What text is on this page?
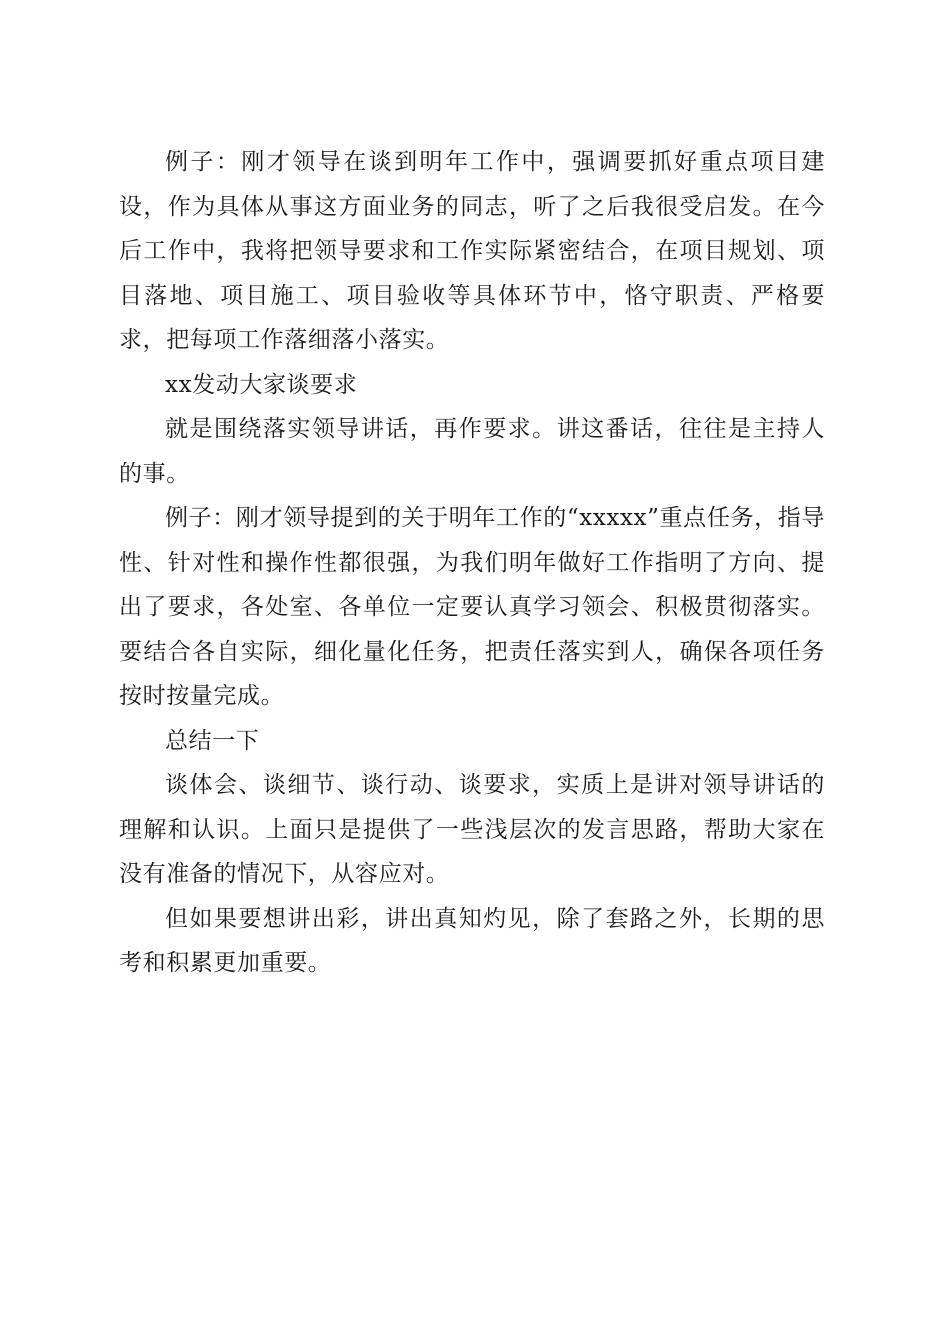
例子：刚才领导在谈到明年工作中，强调要抓好重点项目建设，作为具体从事这方面业务的同志，听了之后我很受启发。在今后工作中，我将把领导要求和工作实际紧密结合，在项目规划、项目落地、项目施工、项目验收等具体环节中，恪守职责、严格要求，把每项工作落细落小落实。

xx发动大家谈要求

就是围绕落实领导讲话，再作要求。讲这番话，往往是主持人的事。

例子：刚才领导提到的关于明年工作的“xxxxx”重点任务，指导性、针对性和操作性都很强，为我们明年做好工作指明了方向、提出了要求，各处室、各单位一定要认真学习领会、积极贯彻落实。要结合各自实际，细化量化任务，把责任落实到人，确保各项任务按时按量完成。

总结一下

谈体会、谈细节、谈行动、谈要求，实质上是讲对领导讲话的理解和认识。上面只是提供了一些浅层次的发言思路，帮助大家在没有准备的情况下，从容应对。

但如果要想讲出彩，讲出真知灼见，除了套路之外，长期的思考和积累更加重要。
